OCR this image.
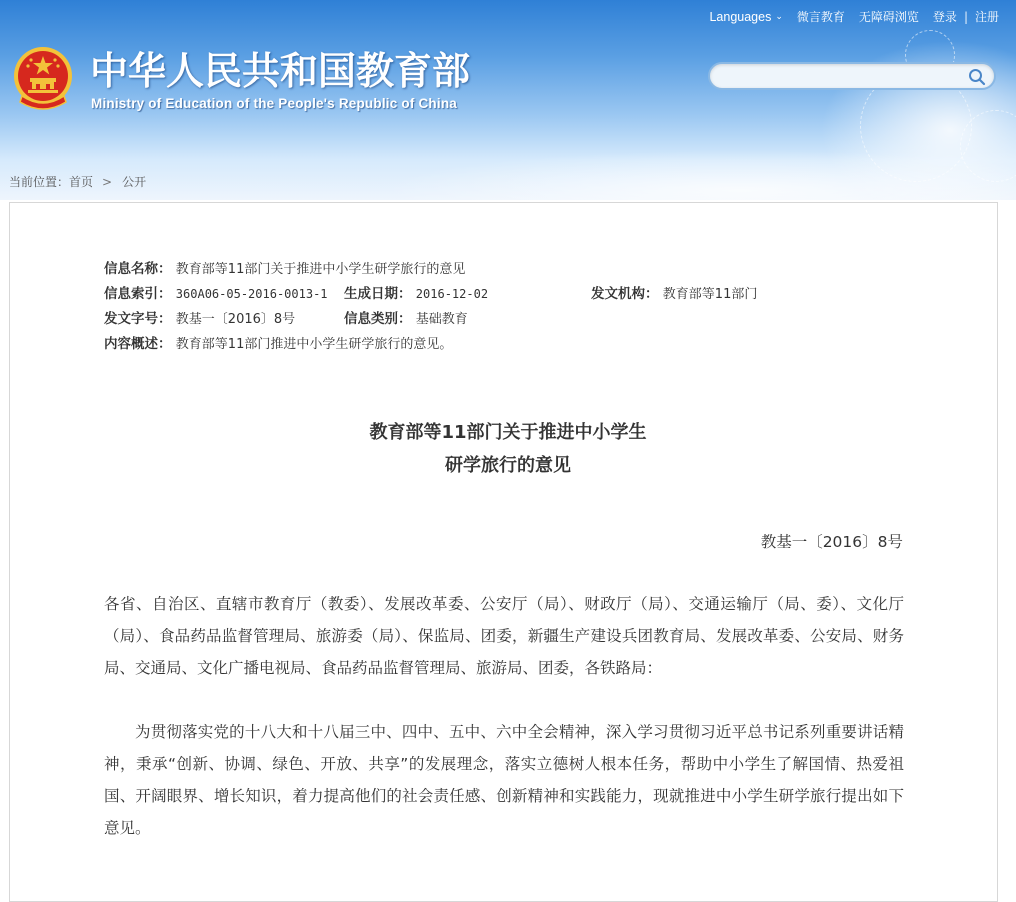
中华人民共和国教育部
Ministry of Education of the People's Republic of China
Languages ⌄ 微言教育 无障碍浏览 登录 | 注册
当前位置：首页 > 公开
信息名称： 教育部等11部门关于推进中小学生研学旅行的意见
信息索引： 360A06-05-2016-0013-1 生成日期： 2016-12-02	发文机构： 教育部等11部门
发文字号： 教基一〔2016〕8号	信息类别： 基础教育
内容概述： 教育部等11部门推进中小学生研学旅行的意见。
教育部等11部门关于推进中小学生
研学旅行的意见
教基一〔2016〕8号
各省、自治区、直辖市教育厅（教委）、发展改革委、公安厅（局）、财政厅（局）、交通运输厅（局、委）、文化厅（局）、食品药品监督管理局、旅游委（局）、保监局、团委，新疆生产建设兵团教育局、发展改革委、公安局、财务局、交通局、文化广播电视局、食品药品监督管理局、旅游局、团委，各铁路局：
为贯彻落实党的十八大和十八届三中、四中、五中、六中全会精神，深入学习贯彻习近平总书记系列重要讲话精神，秉承“创新、协调、绿色、开放、共享”的发展理念，落实立德树人根本任务，帮助中小学生了解国情、热爱祖国、开阔眼界、增长知识，着力提高他们的社会责任感、创新精神和实践能力，现就推进中小学生研学旅行提出如下意见。
